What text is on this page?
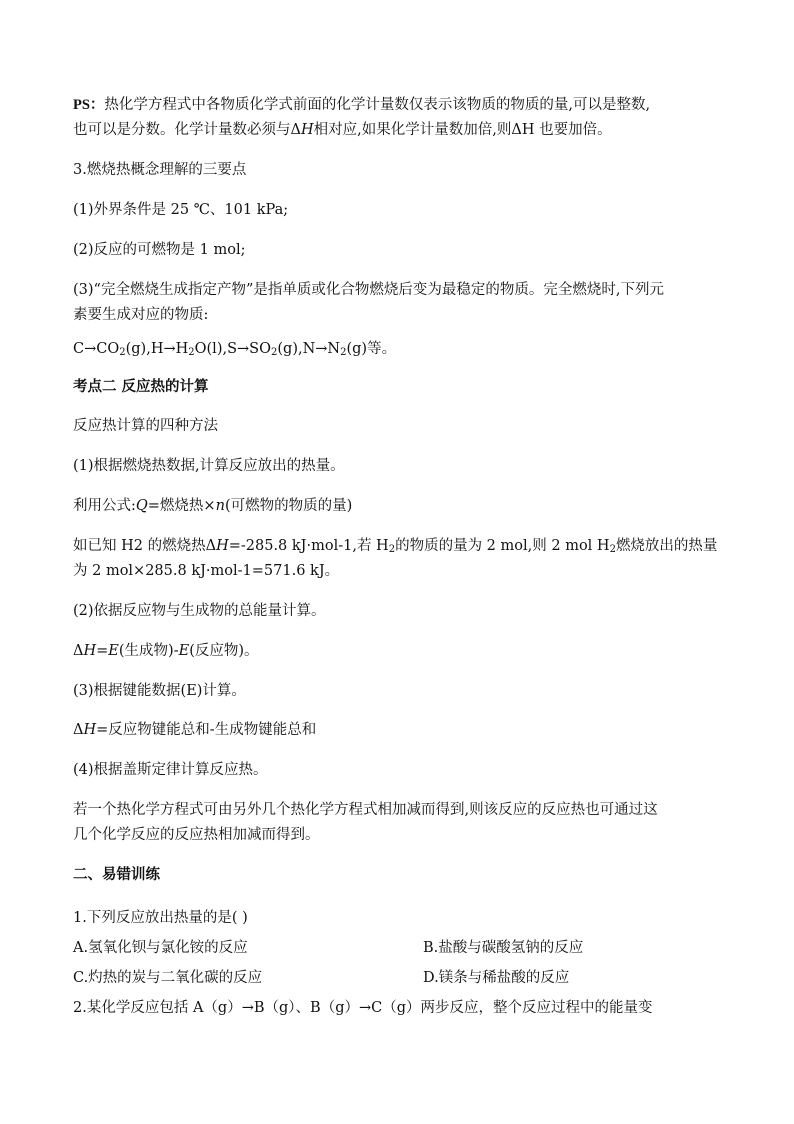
PS：热化学方程式中各物质化学式前面的化学计量数仅表示该物质的物质的量,可以是整数,
也可以是分数。化学计量数必须与ΔH相对应,如果化学计量数加倍,则ΔH 也要加倍。
3.燃烧热概念理解的三要点
(1)外界条件是 25 ℃、101 kPa;
(2)反应的可燃物是 1 mol;
(3)“完全燃烧生成指定产物”是指单质或化合物燃烧后变为最稳定的物质。完全燃烧时,下列元
素要生成对应的物质:
$C\to CO_2(g),H\to H_2O(l),S\to SO_2(g),N\to N_2(g)$等。
考点二 反应热的计算
反应热计算的四种方法
(1)根据燃烧热数据,计算反应放出的热量。
利用公式:Q=燃烧热×n(可燃物的物质的量)
如已知 H2 的燃烧热ΔH=-285.8 kJ·mol-1,若 $H_2$的物质的量为 2 mol,则 2 mol $H_2$燃烧放出的热量
为 2 mol×285.8 kJ·mol-1=571.6 kJ。
(2)依据反应物与生成物的总能量计算。
ΔH=E(生成物)-E(反应物)。
(3)根据键能数据(E)计算。
ΔH=反应物键能总和-生成物键能总和
(4)根据盖斯定律计算反应热。
若一个热化学方程式可由另外几个热化学方程式相加减而得到,则该反应的反应热也可通过这
几个化学反应的反应热相加减而得到。
二、易错训练
1.下列反应放出热量的是( )
A.氢氧化钡与氯化铵的反应	B.盐酸与碳酸氢钠的反应
C.灼热的炭与二氧化碳的反应	D.镁条与稀盐酸的反应
2.某化学反应包括 A（g）→B（g）、B（g）→C（g）两步反应，整个反应过程中的能量变
